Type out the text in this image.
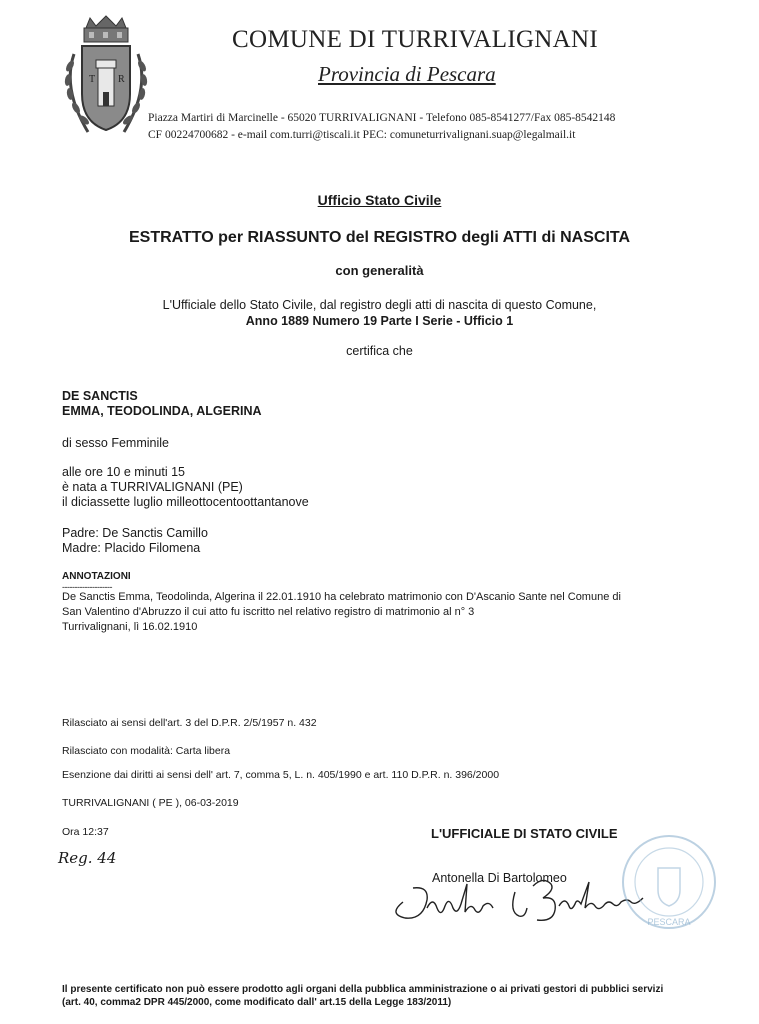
T R
COMUNE DI TURRIVALIGNANI
Provincia di Pescara
Piazza Martiri di Marcinelle - 65020 TURRIVALIGNANI - Telefono 085-8541277/Fax 085-8542148
CF 00224700682 - e-mail com.turri@tiscali.it PEC: comuneturrivalignani.suap@legalmail.it
Ufficio Stato Civile
ESTRATTO per RIASSUNTO del REGISTRO degli ATTI di NASCITA
con generalità
L'Ufficiale dello Stato Civile, dal registro degli atti di nascita di questo Comune,
Anno 1889 Numero 19 Parte I Serie - Ufficio 1
certifica che
DE SANCTIS
EMMA, TEODOLINDA, ALGERINA
di sesso Femminile
alle ore 10 e minuti 15
è nata a TURRIVALIGNANI (PE)
il diciassette luglio milleottocentoottantanove
Padre: De Sanctis Camillo
Madre: Placido Filomena
ANNOTAZIONI
--------------------
De Sanctis Emma, Teodolinda, Algerina il 22.01.1910 ha celebrato matrimonio con D'Ascanio Sante nel Comune di
San Valentino d'Abruzzo il cui atto fu iscritto nel relativo registro di matrimonio al n° 3
Turrivalignani, lì 16.02.1910
Rilasciato ai sensi dell'art. 3 del D.P.R. 2/5/1957 n. 432
Rilasciato con modalità: Carta libera
Esenzione dai diritti ai sensi dell' art. 7, comma 5, L. n. 405/1990 e art. 110 D.P.R. n. 396/2000
TURRIVALIGNANI ( PE ), 06-03-2019
Ora 12:37
Reg. 44
L'UFFICIALE DI STATO CIVILE
Antonella Di Bartolomeo
PESCARA
Il presente certificato non può essere prodotto agli organi della pubblica amministrazione o ai privati gestori di pubblici servizi
(art. 40, comma2 DPR 445/2000, come modificato dall' art.15 della Legge 183/2011)
